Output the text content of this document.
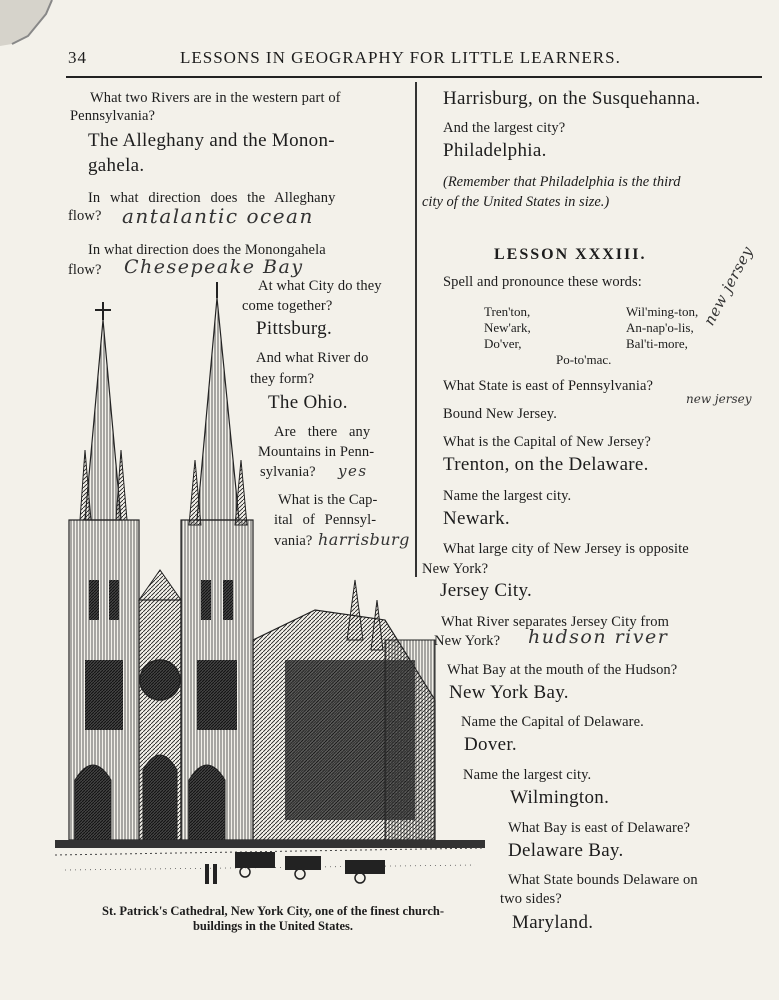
34	LESSONS IN GEOGRAPHY FOR LITTLE LEARNERS.
What two Rivers are in the western part of
Pennsylvania?
The Alleghany and the Monon-
gahela.
In what direction does the Alleghany
flow? antalantic ocean
In what direction does the Monongahela
flow? Chesepeake Bay
At what City do they
come together?
Pittsburg.
And what River do
they form?
The Ohio.
Are there any
Mountains in Penn-
sylvania? yes
What is the Cap-
ital of Pennsyl-
vania? harrisburg
St. Patrick's Cathedral, New York City, one of the finest church-
buildings in the United States.
Harrisburg, on the Susquehanna.
And the largest city?
Philadelphia.
(Remember that Philadelphia is the third
city of the United States in size.)
LESSON XXXIII.
Spell and pronounce these words:
Tren'ton,	Wil'ming-ton,
New'ark,	An-nap'o-lis,
Do'ver,	Bal'ti-more,
Po-to'mac.
new jersey
What State is east of Pennsylvania?
new jersey
Bound New Jersey.
What is the Capital of New Jersey?
Trenton, on the Delaware.
Name the largest city.
Newark.
What large city of New Jersey is opposite
New York?
Jersey City.
What River separates Jersey City from
New York? hudson river
What Bay at the mouth of the Hudson?
New York Bay.
Name the Capital of Delaware.
Dover.
Name the largest city.
Wilmington.
What Bay is east of Delaware?
Delaware Bay.
What State bounds Delaware on
two sides?
Maryland.
